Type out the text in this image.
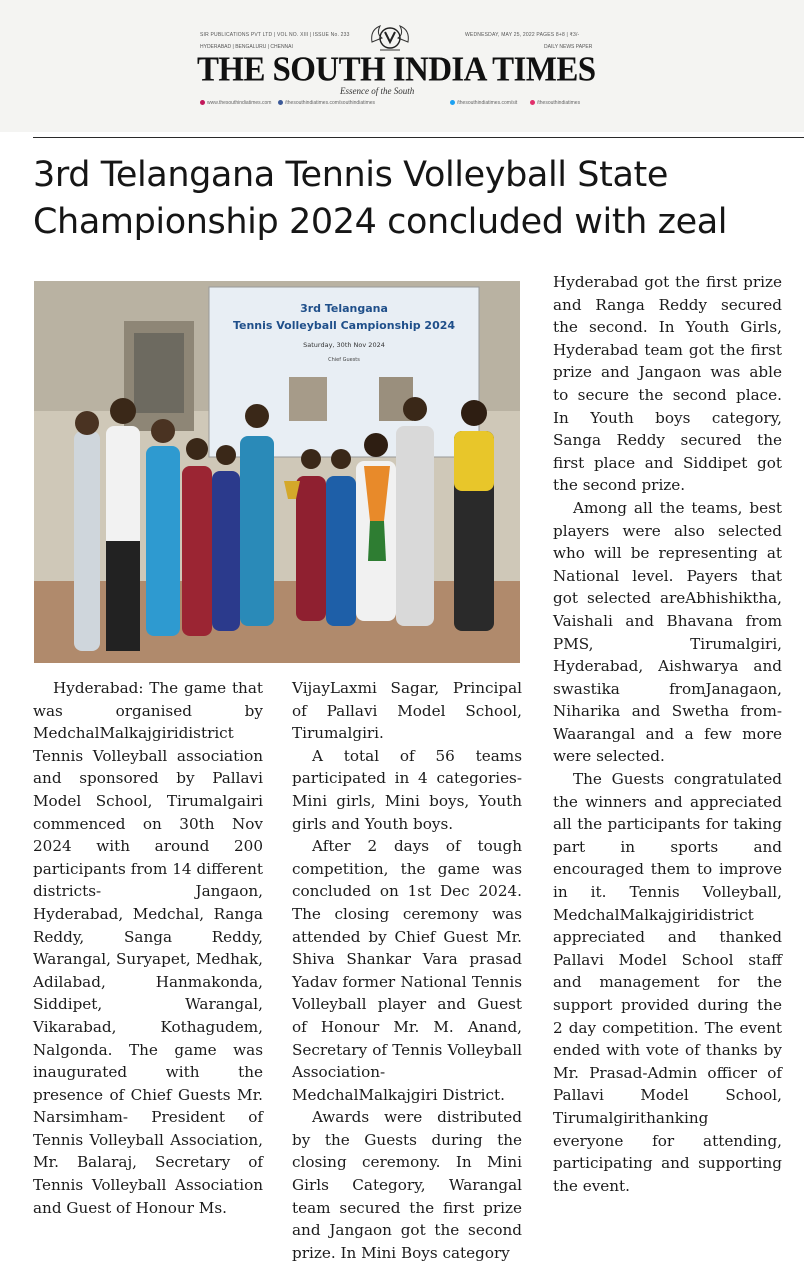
SIR PUBLICATIONS PVT LTD | VOL NO. XIII | ISSUE No. 233	WEDNESDAY, MAY 25, 2022 PAGES 8+8 | ₹3/-
HYDERABAD | BENGALURU | CHENNAI	DAILY NEWS PAPER
THE SOUTH INDIA TIMES
Essence of the South
www.thesouthindiatimes.com	/thesouthindiatimes.com/southindiatimes	/thesouthindiatimes.com/sit	/thesouthindiatimes
3rd Telangana Tennis Volleyball State Championship 2024 concluded with zeal
3rd Telangana
Tennis Volleyball Campionship 2024
Saturday, 30th Nov 2024
Chief Guests

Hyderabad: The game that was organised by MedchalMalkajgiridistrict Tennis Volleyball association and sponsored by Pallavi Model School, Tirumalgairi commenced on 30th Nov 2024 with around 200 participants from 14 different districts- Jangaon, Hyderabad, Medchal, Ranga Reddy, Sanga Reddy, Warangal, Suryapet, Medhak, Adilabad, Hanmakonda, Siddipet, Warangal, Vikarabad, Kothagudem, Nalgonda. The game was inaugurated with the presence of Chief Guests Mr. Narsimham- President of Tennis Volleyball Association, Mr. Balaraj, Secretary of Tennis Volleyball Association and Guest of Honour Ms.

VijayLaxmi Sagar, Principal of Pallavi Model School, Tirumalgiri.

A total of 56 teams participated in 4 categories- Mini girls, Mini boys, Youth girls and Youth boys.

After 2 days of tough competition, the game was concluded on 1st Dec 2024. The closing ceremony was attended by Chief Guest Mr. Shiva Shankar Vara prasad Yadav former National Tennis Volleyball player and Guest of Honour Mr. M. Anand, Secretary of Tennis Volleyball Association-MedchalMalkajgiri District.

Awards were distributed by the Guests during the closing ceremony. In Mini Girls Category, Warangal team secured the first prize and Jangaon got the second prize. In Mini Boys category

Hyderabad got the first prize and Ranga Reddy secured the second. In Youth Girls, Hyderabad team got the first prize and Jangaon was able to secure the second place. In Youth boys category, Sanga Reddy secured the first place and Siddipet got the second prize.

Among all the teams, best players were also selected who will be representing at National level. Payers that got selected areAbhishiktha, Vaishali and Bhavana from PMS, Tirumalgiri, Hyderabad, Aishwarya and swastika fromJanagaon, Niharika and Swetha from-Waarangal and a few more were selected.

The Guests congratulated the winners and appreciated all the participants for taking part in sports and encouraged them to improve in it. Tennis Volleyball, MedchalMalkajgiridistrict appreciated and thanked Pallavi Model School staff and management for the support provided during the 2 day competition. The event ended with vote of thanks by Mr. Prasad-Admin officer of Pallavi Model School, Tirumalgirithanking everyone for attending, participating and supporting the event.
